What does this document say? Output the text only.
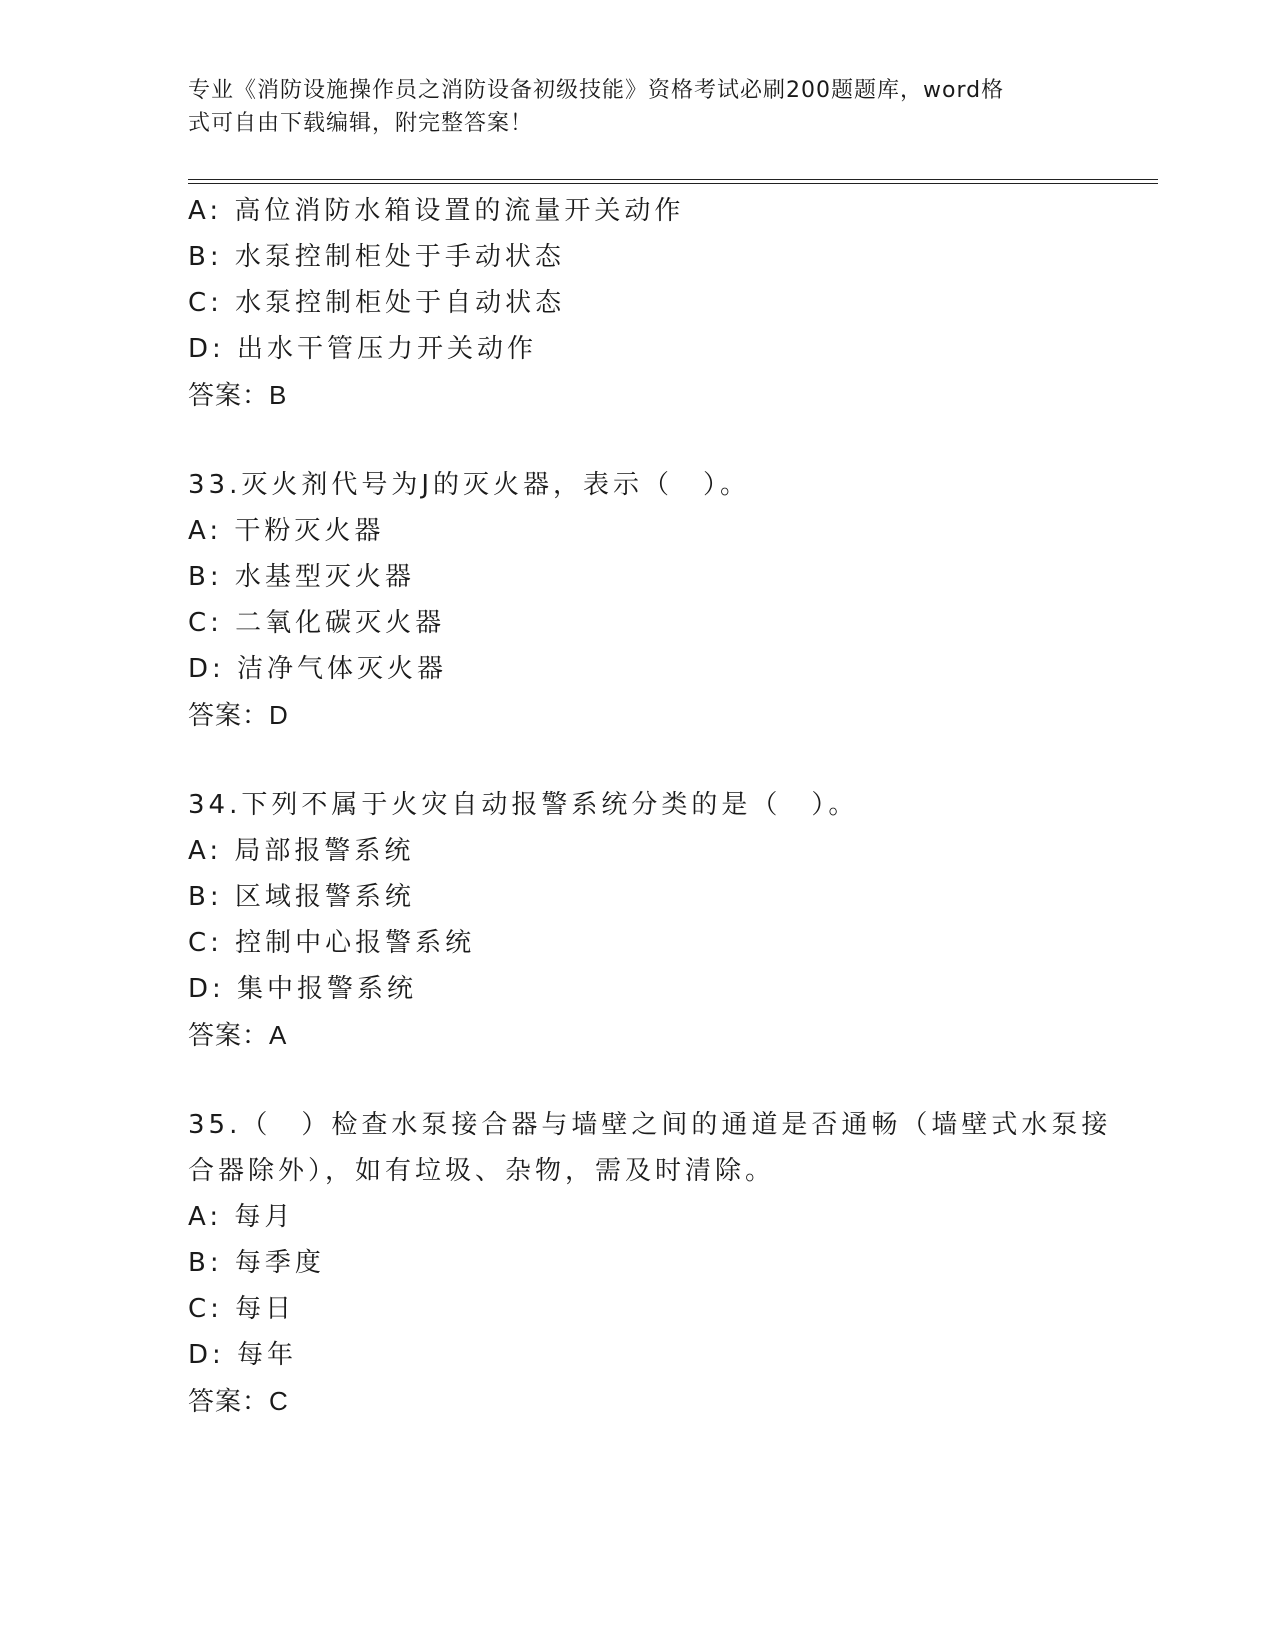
专业《消防设施操作员之消防设备初级技能》资格考试必刷200题题库，word格
式可自由下载编辑，附完整答案！
A: 高位消防水箱设置的流量开关动作
B: 水泵控制柜处于手动状态
C: 水泵控制柜处于自动状态
D: 出水干管压力开关动作
答案：B
33.灭火剂代号为J的灭火器，表示（　）。
A: 干粉灭火器
B: 水基型灭火器
C: 二氧化碳灭火器
D: 洁净气体灭火器
答案：D
34.下列不属于火灾自动报警系统分类的是（　）。
A: 局部报警系统
B: 区域报警系统
C: 控制中心报警系统
D: 集中报警系统
答案：A
35.（　）检查水泵接合器与墙壁之间的通道是否通畅（墙壁式水泵接
合器除外），如有垃圾、杂物，需及时清除。
A: 每月
B: 每季度
C: 每日
D: 每年
答案：C
